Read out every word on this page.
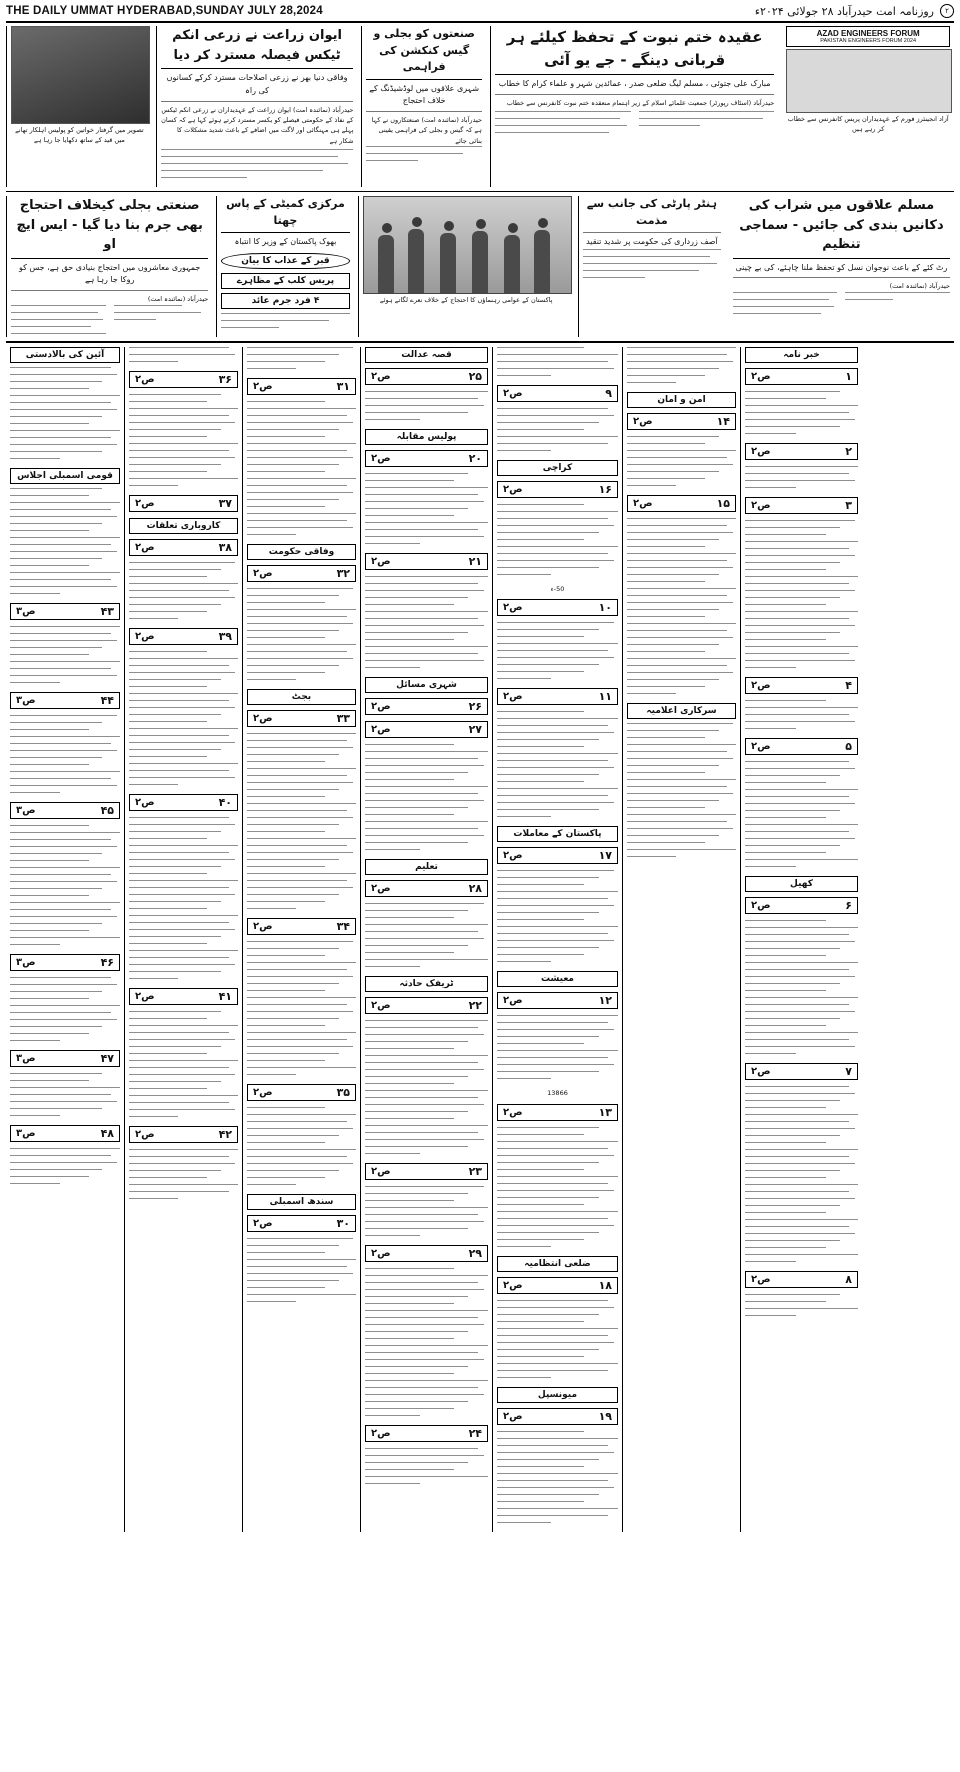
THE DAILY UMMAT HYDERABAD,SUNDAY JULY 28,2024	۲
روزنامہ امت حیدرآباد ۲۸ جولائی ۲۰۲۴ء
تصویر میں گرفتار خواتین کو پولیس اہلکار تھانے میں قید کے ساتھ دکھایا جا رہا ہے
ایوان زراعت نے زرعی انکم ٹیکس فیصلہ مسترد کر دیا
وفاقی دنیا بھر نے زرعی اصلاحات مسترد کرکے کسانوں کی راہ
حیدرآباد (نمائندہ امت) ایوان زراعت کے عہدیداران نے زرعی انکم ٹیکس کے نفاذ کے حکومتی فیصلے کو یکسر مسترد کرتے ہوئے کہا ہے کہ کسان پہلے ہی مہنگائی اور لاگت میں اضافے کے باعث شدید مشکلات کا شکار ہے
صنعتوں کو بجلی و گیس کنکشن کی فراہمی
شہری علاقوں میں لوڈشیڈنگ کے خلاف احتجاج
حیدرآباد (نمائندہ امت) صنعتکاروں نے کہا ہے کہ گیس و بجلی کی فراہمی یقینی بنائی جائے
عقیدہ ختم نبوت کے تحفظ کیلئے ہر قربانی دینگے - جے یو آئی
مبارک علی جتوئی ، مسلم لیگ ضلعی صدر ، عمائدین شہر و علماء کرام کا خطاب
حیدرآباد (اسٹاف رپورٹر) جمعیت علمائے اسلام کے زیر اہتمام منعقدہ ختم نبوت کانفرنس سے خطاب
AZAD ENGINEERS FORUM
PAKISTAN ENGINEERS FORUM 2024
آزاد انجینئرز فورم کے عہدیداران پریس کانفرنس سے خطاب کر رہے ہیں
صنعتی بجلی کیخلاف احتجاج بھی جرم بنا دیا گیا - ایس ایچ او
جمہوری معاشروں میں احتجاج بنیادی حق ہے، جس کو روکا جا رہا ہے
حیدرآباد (نمائندہ امت)
مرکزی کمیٹی کے پاس چھتا
بھوک پاکستان کے وزیر کا انتباہ
قبر کے عذاب کا بیان
پریس کلب کے مظاہرے
۴ فرد جرم عائد	پاکستان کے عوامی رہنماؤں کا احتجاج کے خلاف نعرے لگاتے ہوئے
ہنٹر پارٹی کی جانب سے مذمت
آصف زرداری کی حکومت پر شدید تنقید
مسلم علاقوں میں شراب کی دکانیں بندی کی جائیں - سماجی تنظیم
رٹ کئے کے باعث نوجوان نسل کو تحفظ ملنا چاہئے، کی بے چینی
حیدرآباد (نمائندہ امت)
آئین کی بالادستی
قومی اسمبلی اجلاس
۴۳
ص۳
۴۴
ص۳
۴۵
ص۳
۴۶
ص۳
۴۷
ص۳
۴۸
ص۳
۳۶
ص۲
۳۷
ص۲
کاروباری تعلقات
۳۸
ص۲
۳۹
ص۲
۴۰
ص۲
۴۱
ص۲
۴۲
ص۲
۳۱
ص۲
وفاقی حکومت
۳۲
ص۲
بجٹ
۳۳
ص۲
۳۴
ص۲
۳۵
ص۲
سندھ اسمبلی
۳۰
ص۲
قصہ عدالت
۲۵
ص۲
پولیس مقابلہ
۲۰
ص۲
۲۱
ص۲
شہری مسائل
۲۶
ص۲
۲۷
ص۲
تعلیم
۲۸
ص۲
ٹریفک حادثہ
۲۲
ص۲
۲۳
ص۲
۲۹
ص۲
۲۴
ص۲
۹
ص۲
کراچی
۱۶
ص۲
50-ء
۱۰
ص۲
۱۱
ص۲
پاکستان کے معاملات
۱۷
ص۲
معیشت
۱۲
ص۲
13866
۱۳
ص۲
ضلعی انتظامیہ
۱۸
ص۲
میونسپل
۱۹
ص۲
امن و امان
۱۴
ص۲
۱۵
ص۲
سرکاری اعلامیہ
خبر نامہ
۱
ص۲
۲
ص۲
۳
ص۲
۴
ص۲
۵
ص۲
کھیل
۶
ص۲
۷
ص۲
۸
ص۲
